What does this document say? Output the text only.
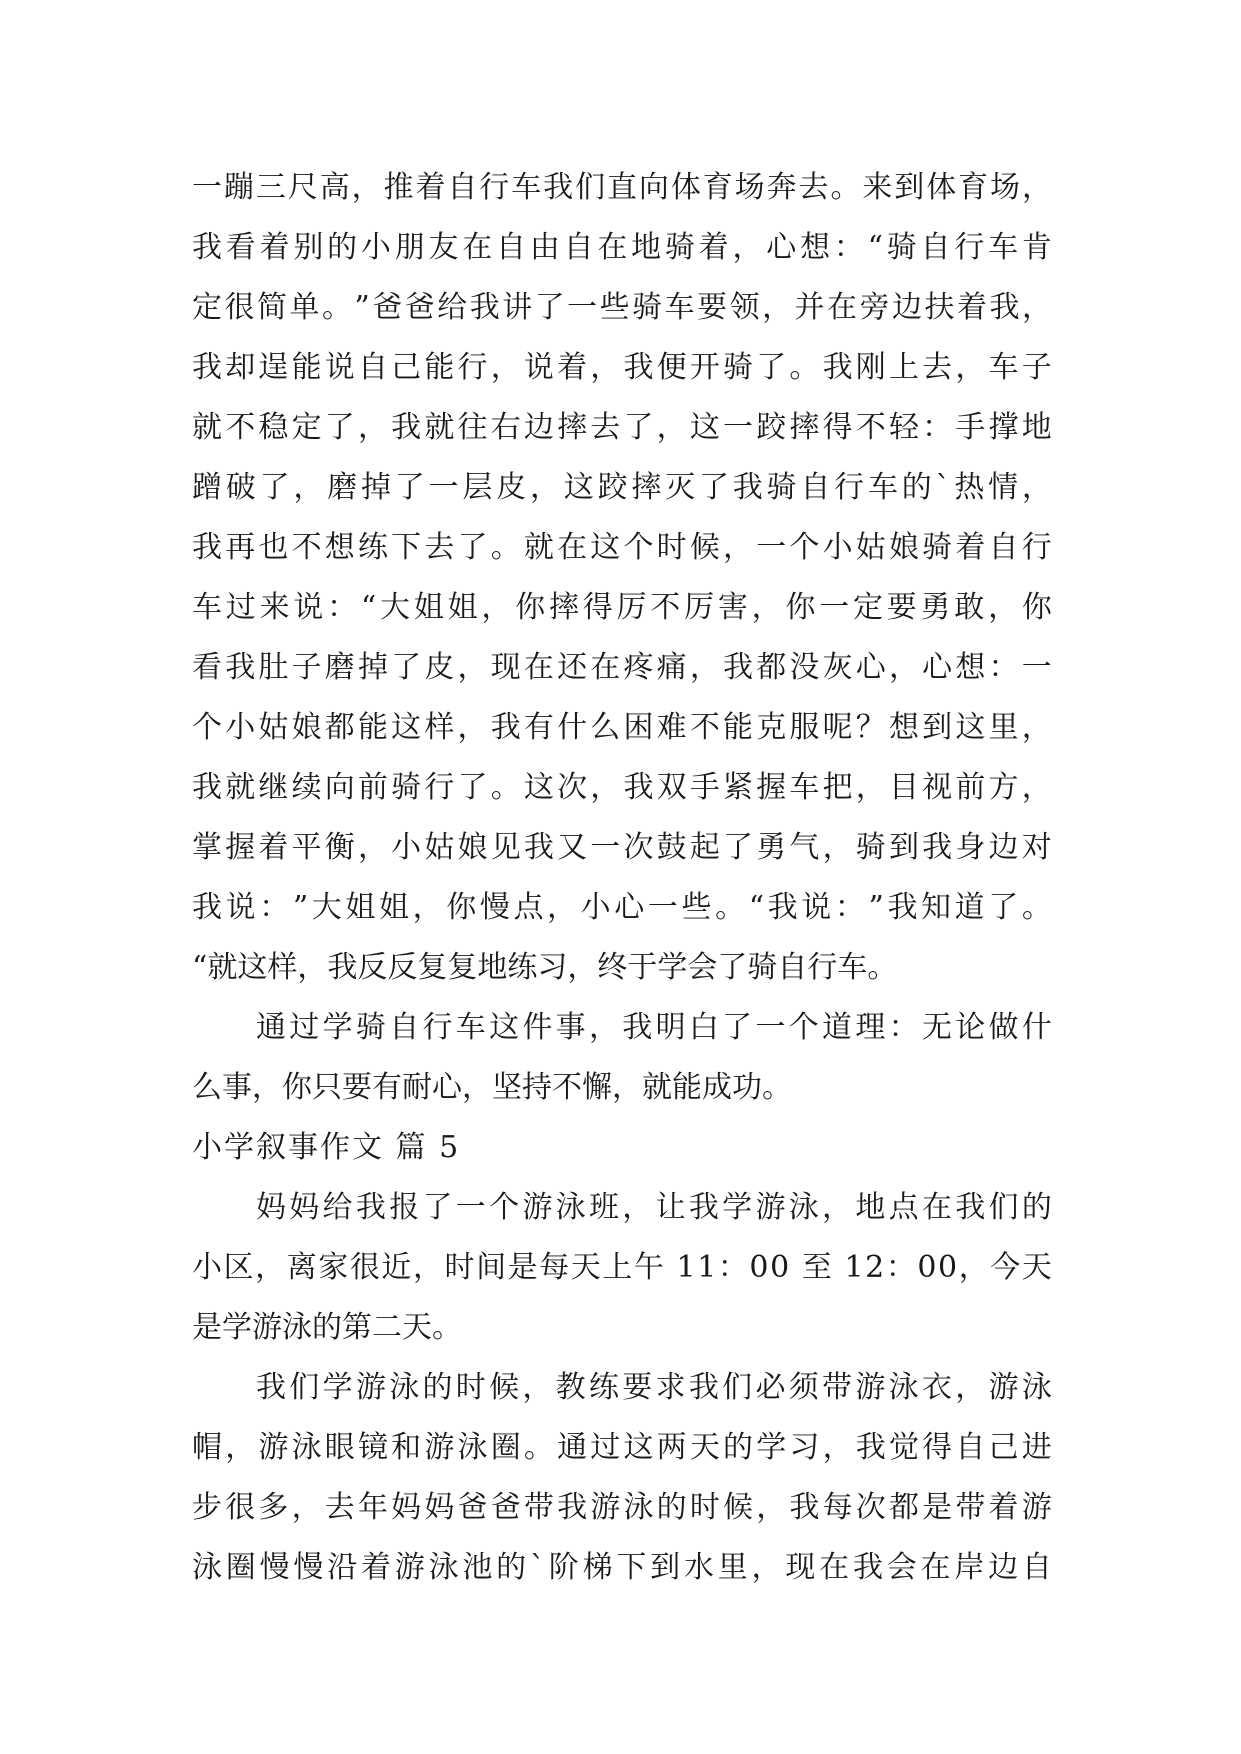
一 蹦 三 尺 高 ， 推 着 自 行 车 我 们 直 向 体 育 场 奔 去 。 来 到 体 育 场 ，
我 看 着 别 的 小 朋 友 在 自 由 自 在 地 骑 着 ， 心 想 ： “ 骑 自 行 车 肯
定 很 简 单 。 ” 爸 爸 给 我 讲 了 一 些 骑 车 要 领 ， 并 在 旁 边 扶 着 我 ，
我 却 逞 能 说 自 己 能 行 ， 说 着 ， 我 便 开 骑 了 。 我 刚 上 去 ， 车 子
就 不 稳 定 了 ， 我 就 往 右 边 摔 去 了 ， 这 一 跤 摔 得 不 轻 ： 手 撑 地
蹭 破 了 ， 磨 掉 了 一 层 皮 ， 这 跤 摔 灭 了 我 骑 自 行 车 的 ` 热 情 ，
我 再 也 不 想 练 下 去 了 。 就 在 这 个 时 候 ， 一 个 小 姑 娘 骑 着 自 行
车 过 来 说 ： “ 大 姐 姐 ， 你 摔 得 厉 不 厉 害 ， 你 一 定 要 勇 敢 ， 你
看 我 肚 子 磨 掉 了 皮 ， 现 在 还 在 疼 痛 ， 我 都 没 灰 心 ， 心 想 ： 一
个 小 姑 娘 都 能 这 样 ， 我 有 什 么 困 难 不 能 克 服 呢 ？ 想 到 这 里 ，
我 就 继 续 向 前 骑 行 了 。 这 次 ， 我 双 手 紧 握 车 把 ， 目 视 前 方 ，
掌 握 着 平 衡 ， 小 姑 娘 见 我 又 一 次 鼓 起 了 勇 气 ， 骑 到 我 身 边 对
我 说 ： ” 大 姐 姐 ， 你 慢 点 ， 小 心 一 些 。 “ 我 说 ： ” 我 知 道 了 。
“就这样，我反反复复地练习，终于学会了骑自行车。
通 过 学 骑 自 行 车 这 件 事 ， 我 明 白 了 一 个 道 理 ： 无 论 做 什
么事，你只要有耐心，坚持不懈，就能成功。
小学叙事作文 篇 5
妈 妈 给 我 报 了 一 个 游 泳 班 ， 让 我 学 游 泳 ， 地 点 在 我 们 的
小 区 ， 离 家 很 近 ， 时 间 是 每 天 上 午
1 1 ： 0 0
至
1 2 ： 0 0 ， 今 天
是学游泳的第二天。
我 们 学 游 泳 的 时 候 ， 教 练 要 求 我 们 必 须 带 游 泳 衣 ， 游 泳
帽 ， 游 泳 眼 镜 和 游 泳 圈 。 通 过 这 两 天 的 学 习 ， 我 觉 得 自 己 进
步 很 多 ， 去 年 妈 妈 爸 爸 带 我 游 泳 的 时 候 ， 我 每 次 都 是 带 着 游
泳 圈 慢 慢 沿 着 游 泳 池 的 ` 阶 梯 下 到 水 里 ， 现 在 我 会 在 岸 边 自
